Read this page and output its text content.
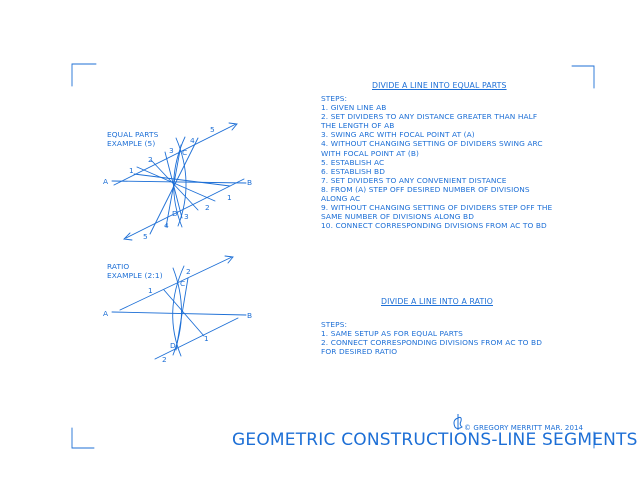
EQUAL PARTS
EXAMPLE (5)
A	B
C
D
1
2
3
4
5
1
2
3
4
5
RATIO
EXAMPLE (2:1)
A	B
C
D
1
2
1
2
DIVIDE A LINE INTO EQUAL PARTS
STEPS:
1. GIVEN LINE AB
2. SET DIVIDERS TO ANY DISTANCE GREATER THAN HALF
THE LENGTH OF AB
3. SWING ARC WITH FOCAL POINT AT (A)
4. WITHOUT CHANGING SETTING OF DIVIDERS SWING ARC
WITH FOCAL POINT AT (B)
5. ESTABLISH AC
6. ESTABLISH BD
7. SET DIVIDERS TO ANY CONVENIENT DISTANCE
8. FROM (A) STEP OFF DESIRED NUMBER OF DIVISIONS
ALONG AC
9. WITHOUT CHANGING SETTING OF DIVIDERS STEP OFF THE
SAME NUMBER OF DIVISIONS ALONG BD
10. CONNECT CORRESPONDING DIVISIONS FROM AC TO BD
DIVIDE A LINE INTO A RATIO
STEPS:
1. SAME SETUP AS FOR EQUAL PARTS
2. CONNECT CORRESPONDING DIVISIONS FROM AC TO BD
FOR DESIRED RATIO
© GREGORY MERRITT MAR. 2014
GEOMETRIC CONSTRUCTIONS-LINE SEGMENTS
